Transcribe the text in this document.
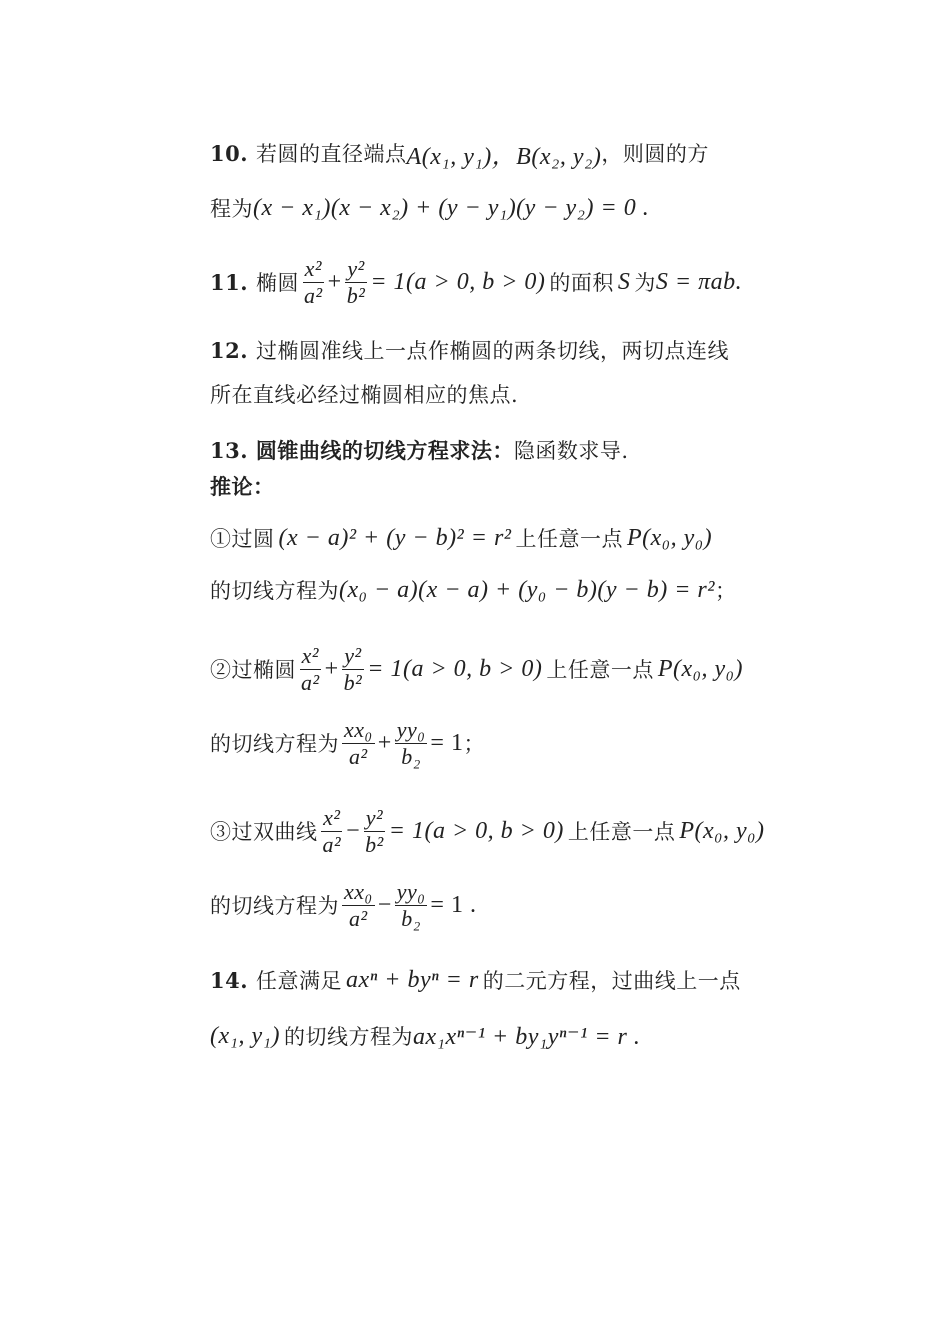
10. 若圆的直径端点 A(x₁, y₁)，B(x₂, y₂) ，则圆的方
程为 (x − x₁)(x − x₂) + (y − y₁)(y − y₂) = 0 .
11. 椭圆 $\frac{\text{x²}}{\text{a²}} + \frac{\text{y²}}{\text{b²}} = 1(a > 0$, b > 0) 的面积 S 为 S = πab.
12. 过椭圆准线上一点作椭圆的两条切线，两切点连线
所在直线必经过椭圆相应的焦点.
13. 圆锥曲线的切线方程求法： 隐函数求导.
推论：
①过圆 (x − a)² + (y − b)² = r² 上任意一点 P(x₀, y₀)
的切线方程为 (x₀ − a)(x − a) + (y₀ − b)(y − b) = r² ；
②过椭圆 $\frac{\text{x²}}{\text{a²}} + \frac{\text{y²}}{\text{b²}} = 1(a > 0$, b > 0) 上任意一点 P(x₀, y₀)
的切线方程为 $\frac{\text{xx₀}}{\text{a²}} + \frac{\text{yy₀}}{\text{b₂}} = 1$ ；
③过双曲线 $\frac{\text{x²}}{\text{a²}} - \frac{\text{y²}}{\text{b²}} = 1(a > 0$, b > 0) 上任意一点 P(x₀, y₀)
的切线方程为 $\frac{\text{xx₀}}{\text{a²}} - \frac{\text{yy₀}}{\text{b₂}} = 1$ .
14. 任意满足 axⁿ + byⁿ = r 的二元方程，过曲线上一点
(x₁, y₁) 的切线方程为 ax₁xⁿ⁻¹ + by₁yⁿ⁻¹ = r .
